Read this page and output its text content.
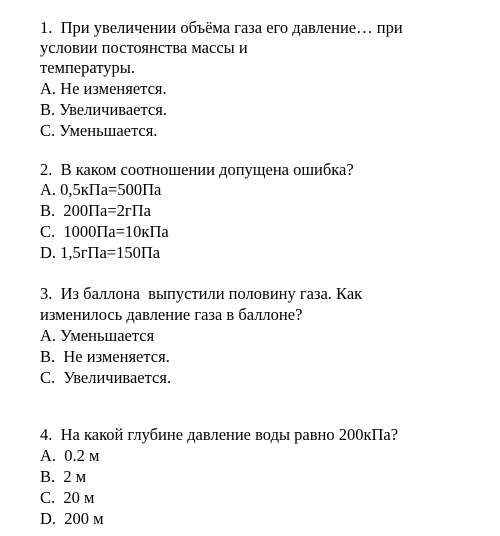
1.  При увеличении объёма газа его давление… при
условии постоянства массы и
температуры.
А. Не изменяется.
В. Увеличивается.
С. Уменьшается.
2.  В каком соотношении допущена ошибка?
А. 0,5кПа=500Па
В.  200Па=2гПа
С.  1000Па=10кПа
D. 1,5гПа=150Па
3.  Из баллона  выпустили половину газа. Как
изменилось давление газа в баллоне?
А. Уменьшается
В.  Не изменяется.
С.  Увеличивается.
4.  На какой глубине давление воды равно 200кПа?
А.  0.2 м
В.  2 м
С.  20 м
D.  200 м
